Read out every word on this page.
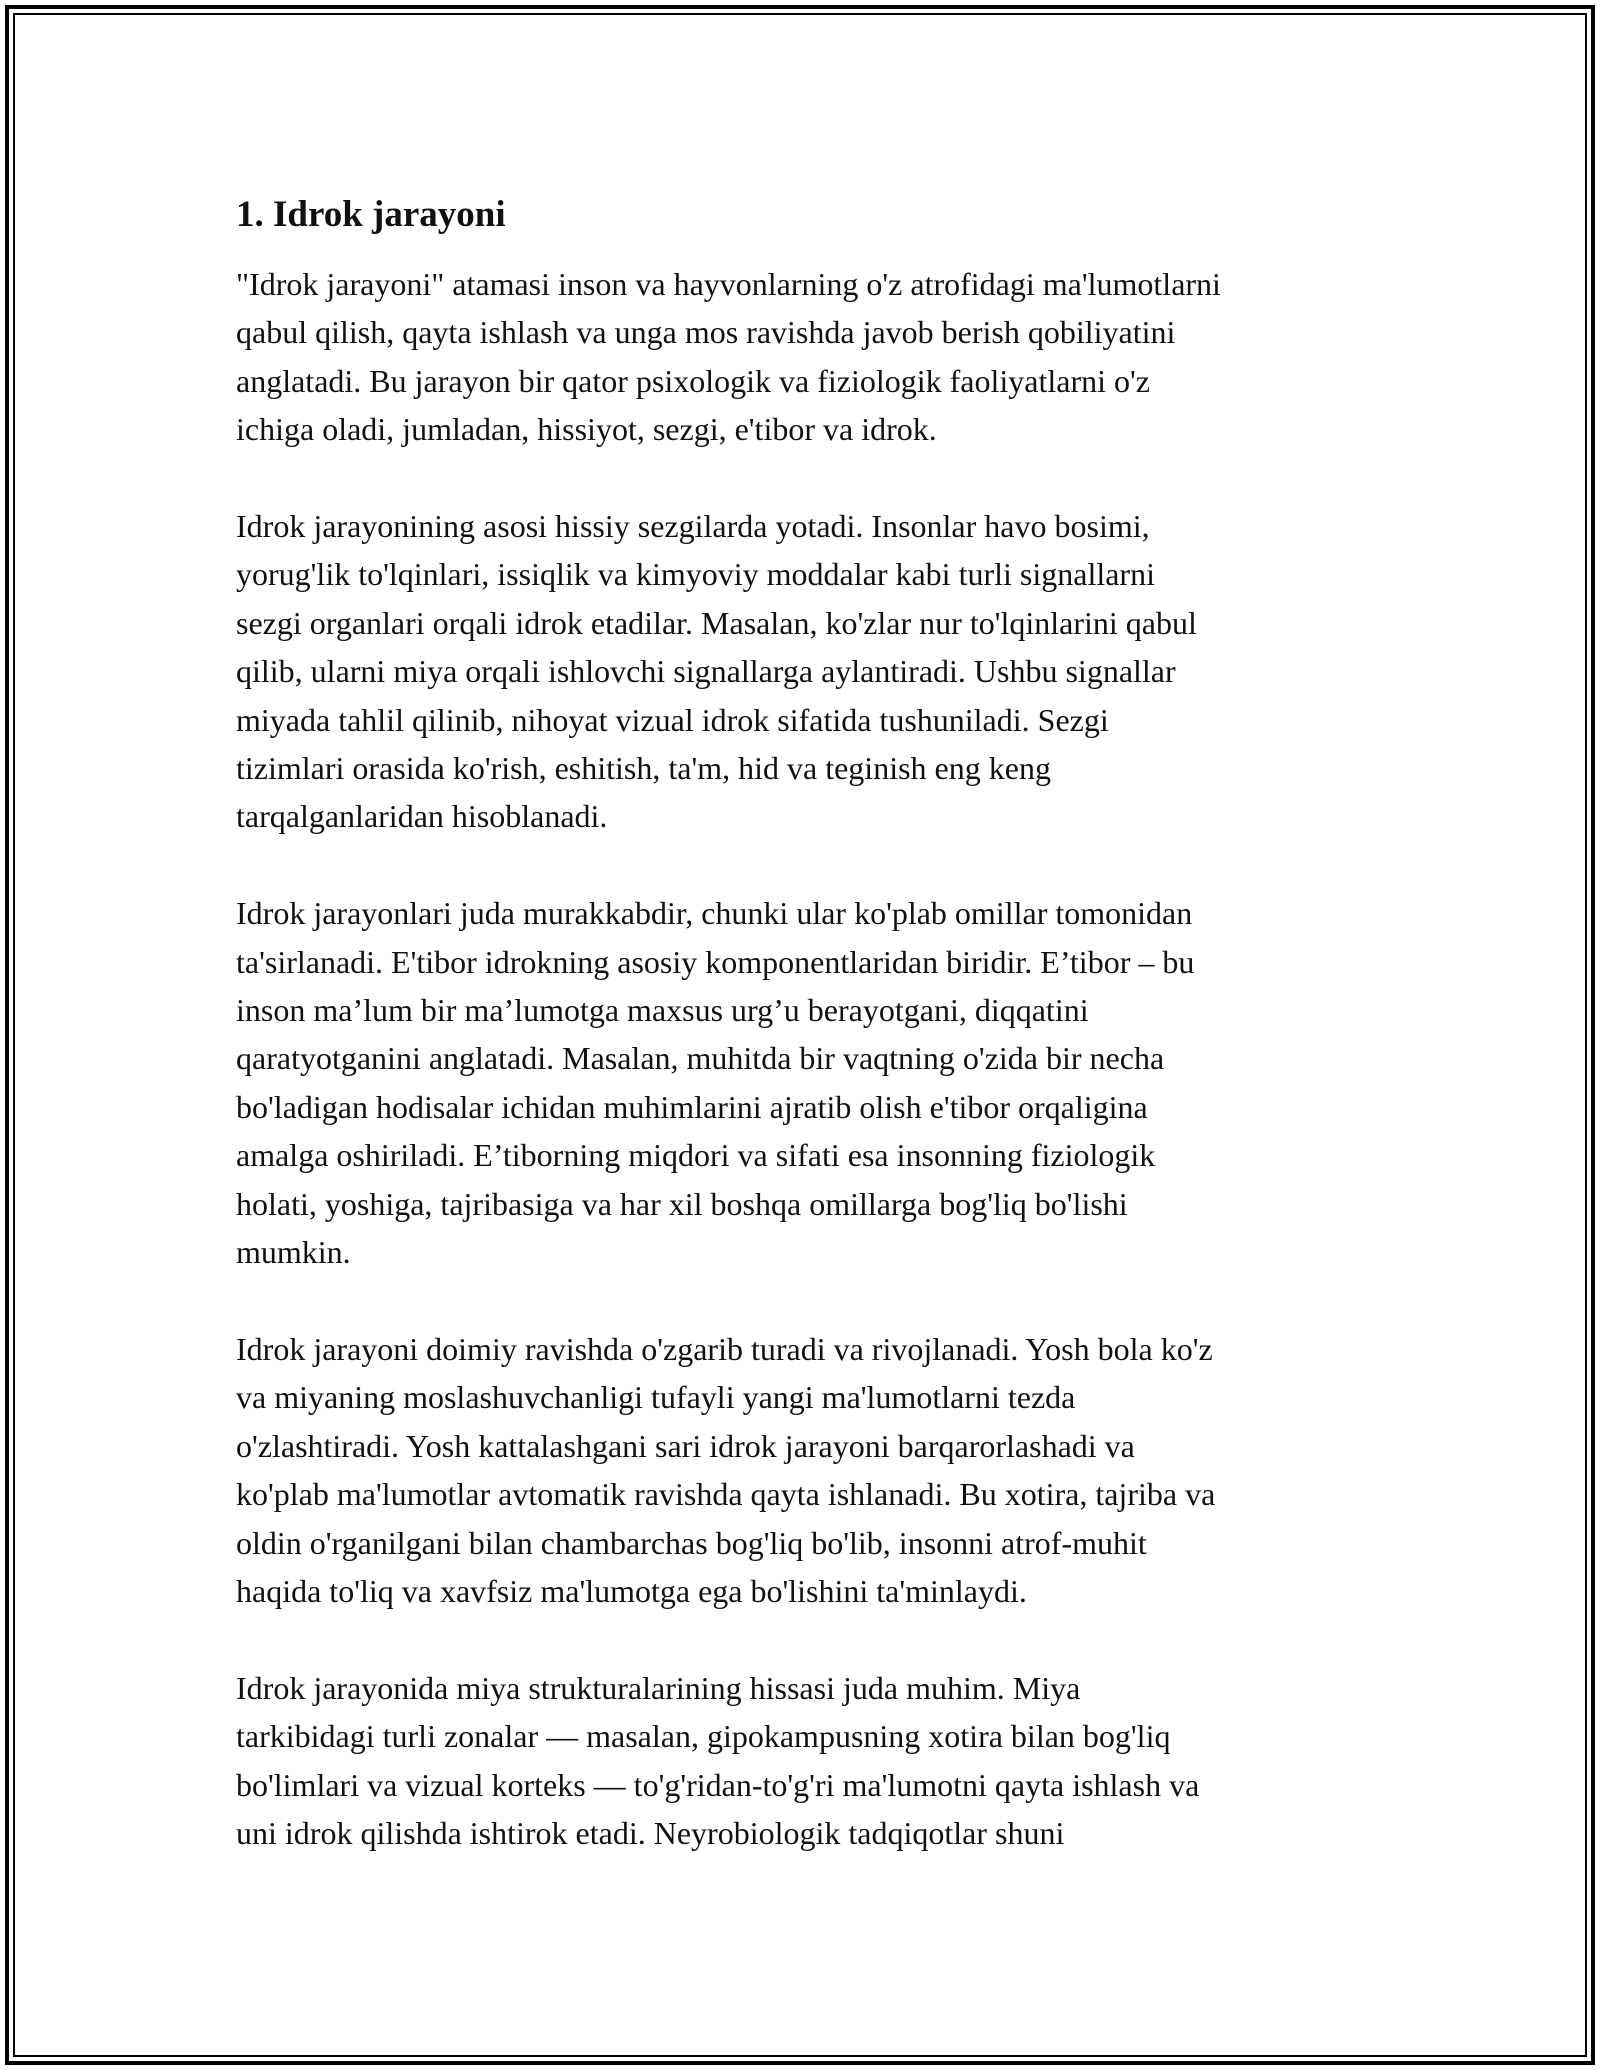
1. Idrok jarayoni
"Idrok jarayoni" atamasi inson va hayvonlarning o'z atrofidagi ma'lumotlarni
qabul qilish, qayta ishlash va unga mos ravishda javob berish qobiliyatini
anglatadi. Bu jarayon bir qator psixologik va fiziologik faoliyatlarni o'z
ichiga oladi, jumladan, hissiyot, sezgi, e'tibor va idrok.
Idrok jarayonining asosi hissiy sezgilarda yotadi. Insonlar havo bosimi,
yorug'lik to'lqinlari, issiqlik va kimyoviy moddalar kabi turli signallarni
sezgi organlari orqali idrok etadilar. Masalan, ko'zlar nur to'lqinlarini qabul
qilib, ularni miya orqali ishlovchi signallarga aylantiradi. Ushbu signallar
miyada tahlil qilinib, nihoyat vizual idrok sifatida tushuniladi. Sezgi
tizimlari orasida ko'rish, eshitish, ta'm, hid va teginish eng keng
tarqalganlaridan hisoblanadi.
Idrok jarayonlari juda murakkabdir, chunki ular ko'plab omillar tomonidan
ta'sirlanadi. E'tibor idrokning asosiy komponentlaridan biridir. E’tibor – bu
inson ma’lum bir ma’lumotga maxsus urg’u berayotgani, diqqatini
qaratyotganini anglatadi. Masalan, muhitda bir vaqtning o'zida bir necha
bo'ladigan hodisalar ichidan muhimlarini ajratib olish e'tibor orqaligina
amalga oshiriladi. E’tiborning miqdori va sifati esa insonning fiziologik
holati, yoshiga, tajribasiga va har xil boshqa omillarga bog'liq bo'lishi
mumkin.
Idrok jarayoni doimiy ravishda o'zgarib turadi va rivojlanadi. Yosh bola ko'z
va miyaning moslashuvchanligi tufayli yangi ma'lumotlarni tezda
o'zlashtiradi. Yosh kattalashgani sari idrok jarayoni barqarorlashadi va
ko'plab ma'lumotlar avtomatik ravishda qayta ishlanadi. Bu xotira, tajriba va
oldin o'rganilgani bilan chambarchas bog'liq bo'lib, insonni atrof-muhit
haqida to'liq va xavfsiz ma'lumotga ega bo'lishini ta'minlaydi.
Idrok jarayonida miya strukturalarining hissasi juda muhim. Miya
tarkibidagi turli zonalar — masalan, gipokampusning xotira bilan bog'liq
bo'limlari va vizual korteks — to'g'ridan-to'g'ri ma'lumotni qayta ishlash va
uni idrok qilishda ishtirok etadi. Neyrobiologik tadqiqotlar shuni
